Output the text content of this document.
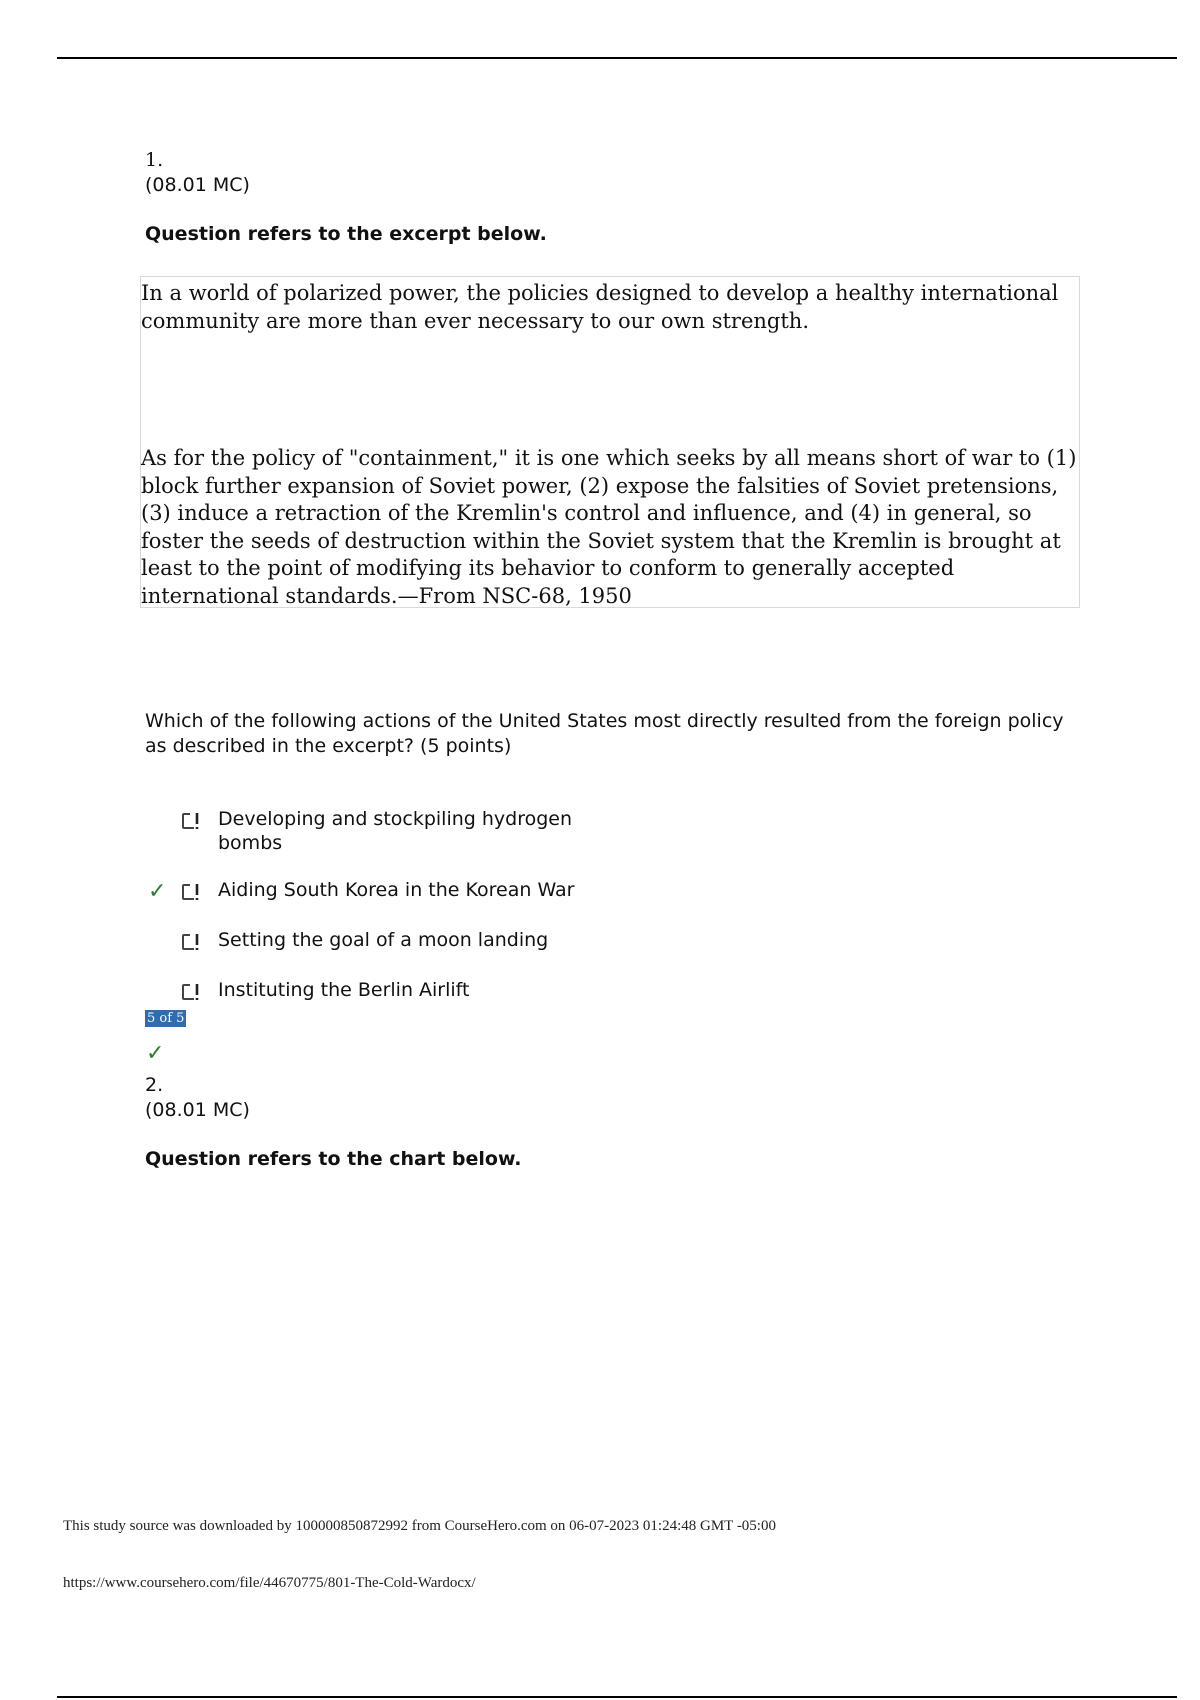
1.
(08.01 MC)
Question refers to the excerpt below.

In a world of polarized power, the policies designed to develop a healthy international community are more than ever necessary to our own strength.

As for the policy of "containment," it is one which seeks by all means short of war to (1) block further expansion of Soviet power, (2) expose the falsities of Soviet pretensions, (3) induce a retraction of the Kremlin's control and influence, and (4) in general, so foster the seeds of destruction within the Soviet system that the Kremlin is brought at least to the point of modifying its behavior to conform to generally accepted international standards.—From NSC-68, 1950

Which of the following actions of the United States most directly resulted from the foreign policy as described in the excerpt? (5 points)
Developing and stockpiling hydrogen bombs
✓	Aiding South Korea in the Korean War
Setting the goal of a moon landing
Instituting the Berlin Airlift
5 of 5
✓
2.
(08.01 MC)
Question refers to the chart below.
This study source was downloaded by 100000850872992 from CourseHero.com on 06-07-2023 01:24:48 GMT -05:00
https://www.coursehero.com/file/44670775/801-The-Cold-Wardocx/
